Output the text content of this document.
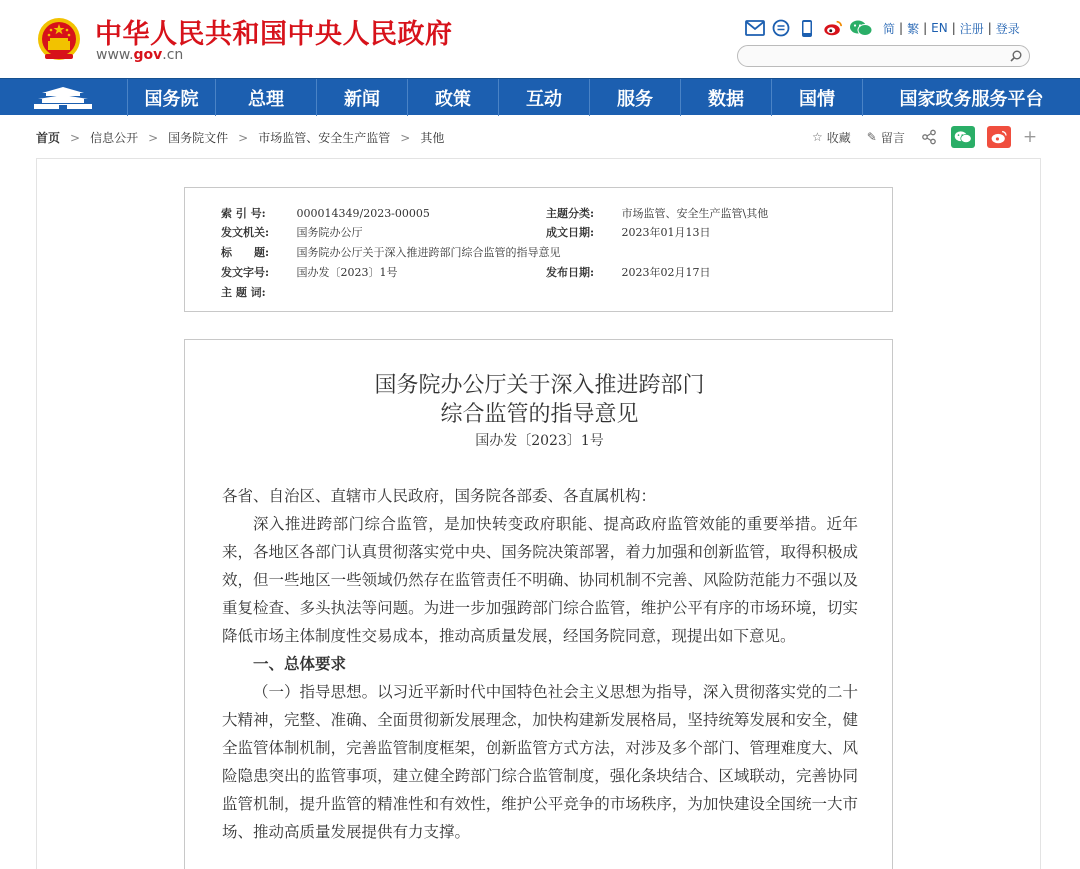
中华人民共和国中央人民政府
www.gov.cn
简 | 繁 | EN | 注册 | 登录
国务院	总理	新闻	政策	互动	服务	数据	国情	国家政务服务平台
首页 > 信息公开 > 国务院文件 > 市场监管、安全生产监管 > 其他	☆ 收藏 ✎ 留言	+
索 引 号:	000014349/2023-00005	主题分类: 市场监管、安全生产监管\其他
发文机关: 国务院办公厅	成文日期: 2023年01月13日
标　　题: 国务院办公厅关于深入推进跨部门综合监管的指导意见
发文字号: 国办发〔2023〕1号	发布日期: 2023年02月17日
主 题 词:
国务院办公厅关于深入推进跨部门
综合监管的指导意见
国办发〔2023〕1号

各省、自治区、直辖市人民政府，国务院各部委、各直属机构：

深入推进跨部门综合监管，是加快转变政府职能、提高政府监管效能的重要举措。近年来，各地区各部门认真贯彻落实党中央、国务院决策部署，着力加强和创新监管，取得积极成效，但一些地区一些领域仍然存在监管责任不明确、协同机制不完善、风险防范能力不强以及重复检查、多头执法等问题。为进一步加强跨部门综合监管，维护公平有序的市场环境，切实降低市场主体制度性交易成本，推动高质量发展，经国务院同意，现提出如下意见。

一、总体要求

（一）指导思想。以习近平新时代中国特色社会主义思想为指导，深入贯彻落实党的二十大精神，完整、准确、全面贯彻新发展理念，加快构建新发展格局，坚持统筹发展和安全，健全监管体制机制，完善监管制度框架，创新监管方式方法，对涉及多个部门、管理难度大、风险隐患突出的监管事项，建立健全跨部门综合监管制度，强化条块结合、区域联动，完善协同监管机制，提升监管的精准性和有效性，维护公平竞争的市场秩序，为加快建设全国统一大市场、推动高质量发展提供有力支撑。
